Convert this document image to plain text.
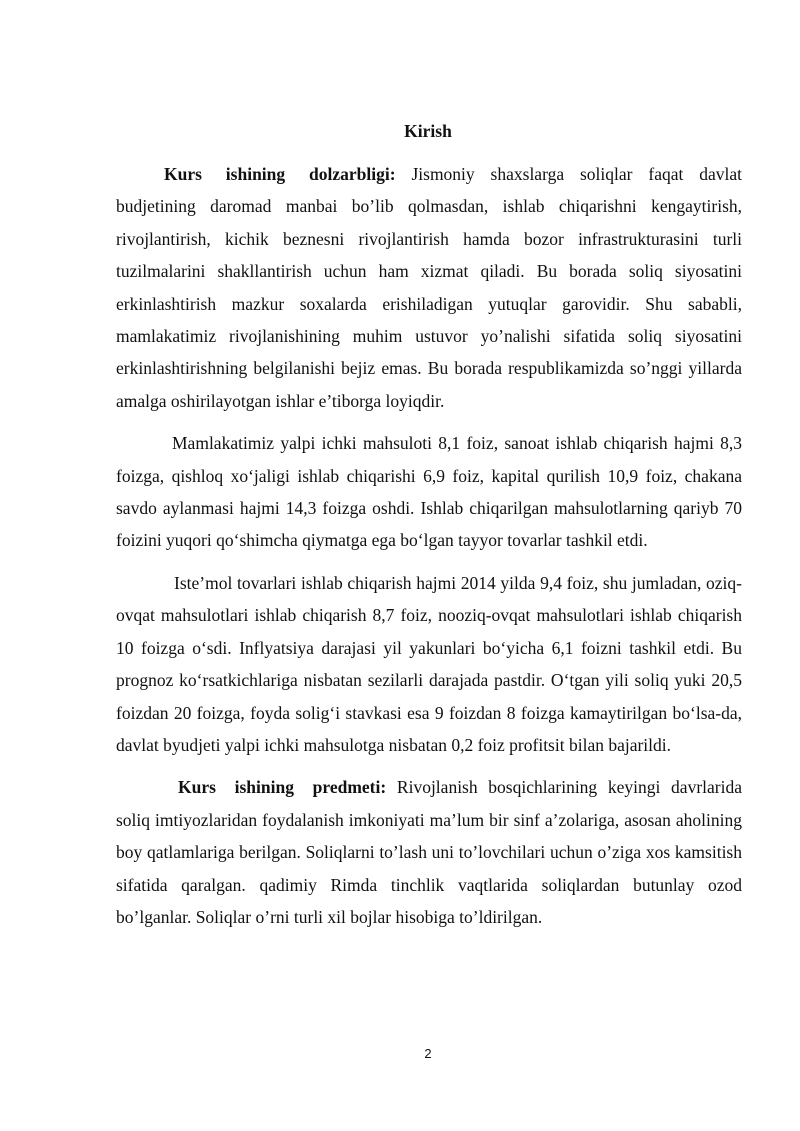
Kirish

Kurs ishining dolzarbligi: Jismoniy shaxslarga soliqlar faqat davlat budjetining daromad manbai bo’lib qolmasdan, ishlab chiqarishni kengaytirish, rivojlantirish, kichik beznesni rivojlantirish hamda bozor infrastrukturasini turli tuzilmalarini shakllantirish uchun ham xizmat qiladi. Bu borada soliq siyosatini erkinlashtirish mazkur soxalarda erishiladigan yutuqlar garovidir. Shu sababli, mamlakatimiz rivojlanishining muhim ustuvor yo’nalishi sifatida soliq siyosatini erkinlashtirishning belgilanishi bejiz emas. Bu borada respublikamizda so’nggi yillarda amalga oshirilayotgan ishlar e’tiborga loyiqdir.

Mamlakatimiz yalpi ichki mahsuloti 8,1 foiz, sanoat ishlab chiqarish hajmi 8,3 foizga, qishloq xo‘jaligi ishlab chiqarishi 6,9 foiz, kapital qurilish 10,9 foiz, chakana savdo aylanmasi hajmi 14,3 foizga oshdi. Ishlab chiqarilgan mahsulotlarning qariyb 70 foizini yuqori qo‘shimcha qiymatga ega bo‘lgan tayyor tovarlar tashkil etdi.

Iste’mol tovarlari ishlab chiqarish hajmi 2014 yilda 9,4 foiz, shu jumladan, oziq-ovqat mahsulotlari ishlab chiqarish 8,7 foiz, nooziq-ovqat mahsulotlari ishlab chiqarish 10 foizga o‘sdi. Inflyatsiya darajasi yil yakunlari bo‘yicha 6,1 foizni tashkil etdi. Bu prognoz ko‘rsatkichlariga nisbatan sezilarli darajada pastdir. O‘tgan yili soliq yuki 20,5 foizdan 20 foizga, foyda solig‘i stavkasi esa 9 foizdan 8 foizga kamaytirilgan bo‘lsa-da, davlat byudjeti yalpi ichki mahsulotga nisbatan 0,2 foiz profitsit bilan bajarildi.

Kurs ishining predmeti: Rivojlanish bosqichlarining keyingi davrlarida soliq imtiyozlaridan foydalanish imkoniyati ma’lum bir sinf a’zolariga, asosan aholining boy qatlamlariga berilgan. Soliqlarni to’lash uni to’lovchilari uchun o’ziga xos kamsitish sifatida qaralgan. qadimiy Rimda tinchlik vaqtlarida soliqlardan butunlay ozod bo’lganlar. Soliqlar o’rni turli xil bojlar hisobiga to’ldirilgan.

2
